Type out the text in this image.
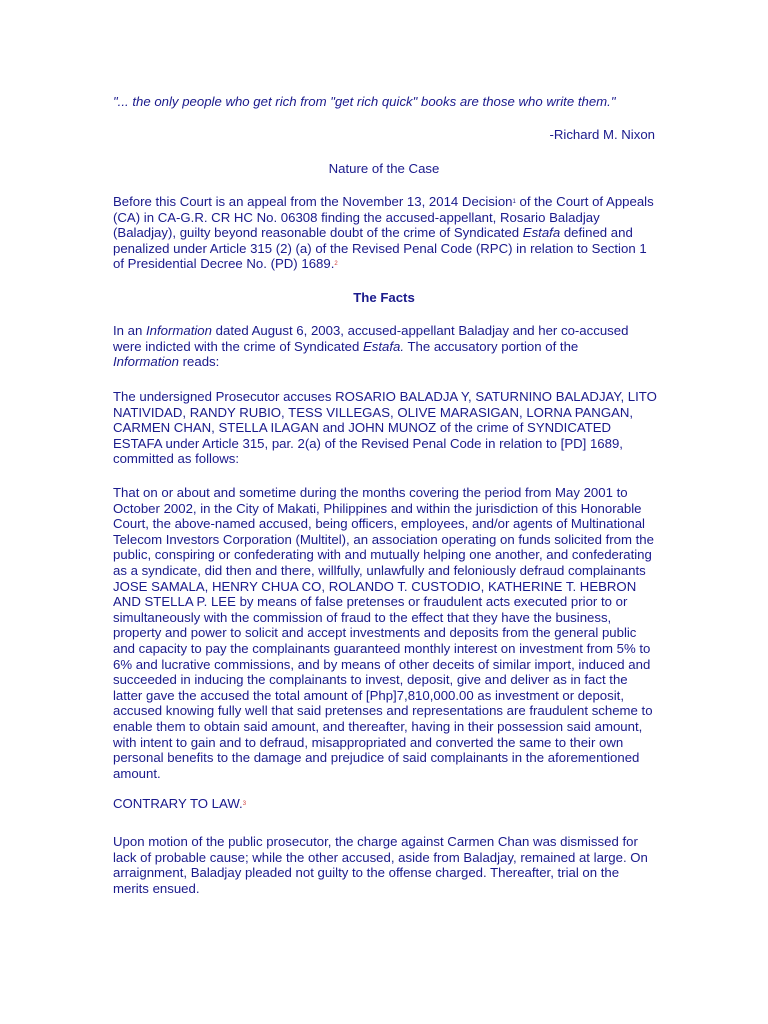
"... the only people who get rich from "get rich quick" books are those who write them."

-Richard M. Nixon

Nature of the Case

Before this Court is an appeal from the November 13, 2014 Decision$^1$ of the Court of Appeals (CA) in CA-G.R. CR HC No. 06308 finding the accused-appellant, Rosario Baladjay (Baladjay), guilty beyond reasonable doubt of the crime of Syndicated Estafa defined and penalized under Article 315 (2) (a) of the Revised Penal Code (RPC) in relation to Section 1 of Presidential Decree No. (PD) 1689.$^2$

The Facts

In an Information dated August 6, 2003, accused-appellant Baladjay and her co-accused were indicted with the crime of Syndicated Estafa. The accusatory portion of the
Information reads:

The undersigned Prosecutor accuses ROSARIO BALADJA Y, SATURNINO BALADJAY, LITO NATIVIDAD, RANDY RUBIO, TESS VILLEGAS, OLIVE MARASIGAN, LORNA PANGAN, CARMEN CHAN, STELLA ILAGAN and JOHN MUNOZ of the crime of SYNDICATED ESTAFA under Article 315, par. 2(a) of the Revised Penal Code in relation to [PD] 1689, committed as follows:

That on or about and sometime during the months covering the period from May 2001 to October 2002, in the City of Makati, Philippines and within the jurisdiction of this Honorable Court, the above-named accused, being officers, employees, and/or agents of Multinational Telecom Investors Corporation (Multitel), an association operating on funds solicited from the public, conspiring or confederating with and mutually helping one another, and confederating as a syndicate, did then and there, willfully, unlawfully and feloniously defraud complainants JOSE SAMALA, HENRY CHUA CO, ROLANDO T. CUSTODIO, KATHERINE T. HEBRON AND STELLA P. LEE by means of false pretenses or fraudulent acts executed prior to or simultaneously with the commission of fraud to the effect that they have the business, property and power to solicit and accept investments and deposits from the general public and capacity to pay the complainants guaranteed monthly interest on investment from 5% to 6% and lucrative commissions, and by means of other deceits of similar import, induced and succeeded in inducing the complainants to invest, deposit, give and deliver as in fact the latter gave the accused the total amount of [Php]7,810,000.00 as investment or deposit, accused knowing fully well that said pretenses and representations are fraudulent scheme to enable them to obtain said amount, and thereafter, having in their possession said amount, with intent to gain and to defraud, misappropriated and converted the same to their own personal benefits to the damage and prejudice of said complainants in the aforementioned amount.

CONTRARY TO LAW.$^3$

Upon motion of the public prosecutor, the charge against Carmen Chan was dismissed for lack of probable cause; while the other accused, aside from Baladjay, remained at large. On arraignment, Baladjay pleaded not guilty to the offense charged. Thereafter, trial on the merits ensued.
